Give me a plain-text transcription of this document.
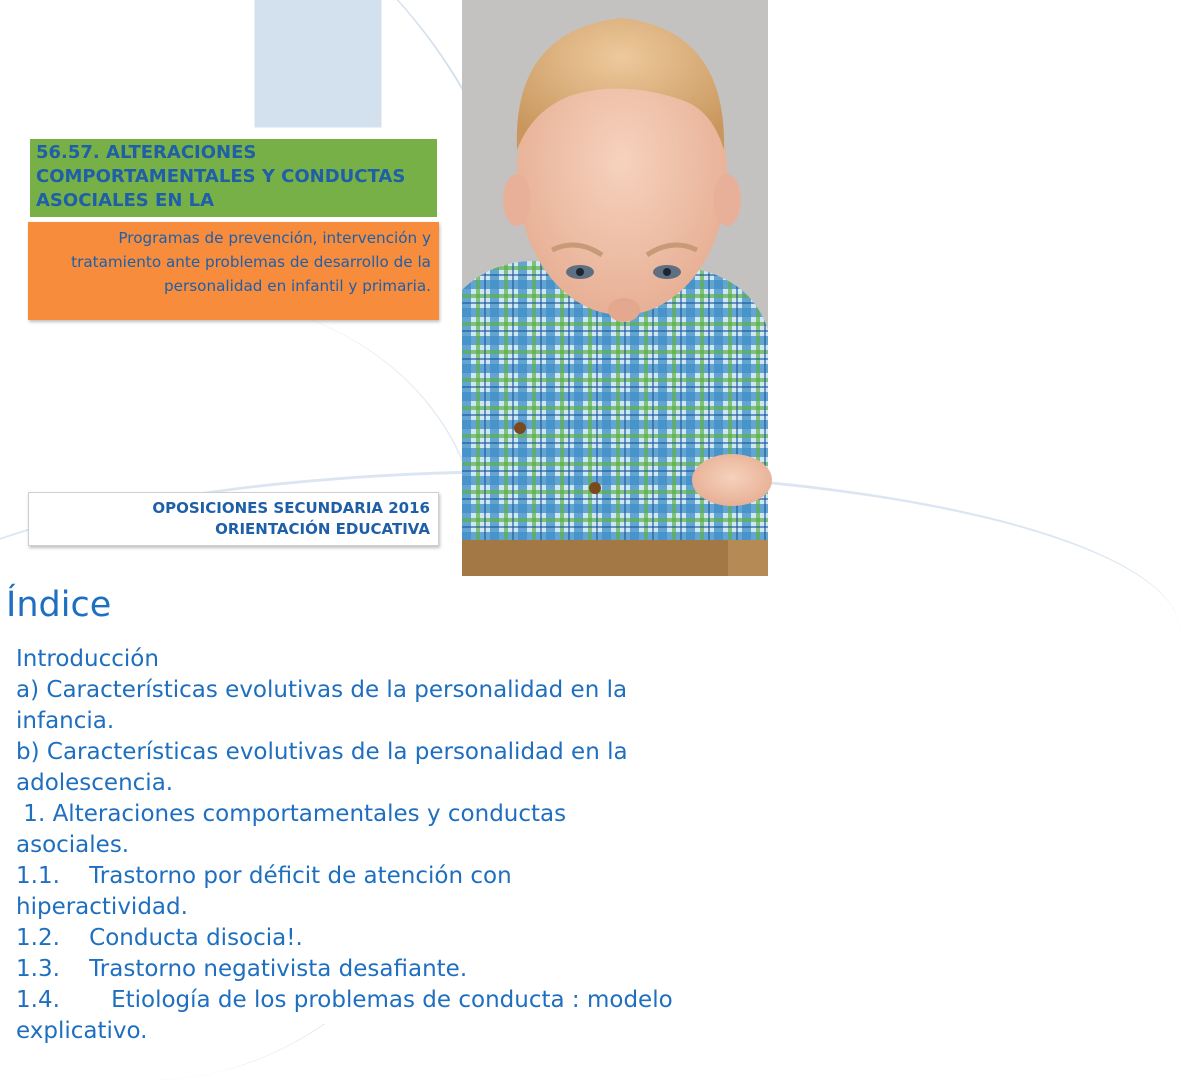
56.57. ALTERACIONES COMPORTAMENTALES Y CONDUCTAS ASOCIALES EN LA
Programas de prevención, intervención y tratamiento ante problemas de desarrollo de la personalidad en infantil y primaria.
OPOSICIONES SECUNDARIA 2016
ORIENTACIÓN EDUCATIVA
Índice
Introducción
a) Características evolutivas de la personalidad en la
infancia.
b) Características evolutivas de la personalidad en la
adolescencia.
1. Alteraciones comportamentales y conductas
asociales.
1.1.    Trastorno por déficit de atención con
hiperactividad.
1.2.    Conducta disocia!.
1.3.    Trastorno negativista desafiante.
1.4.       Etiología de los problemas de conducta : modelo
explicativo.
